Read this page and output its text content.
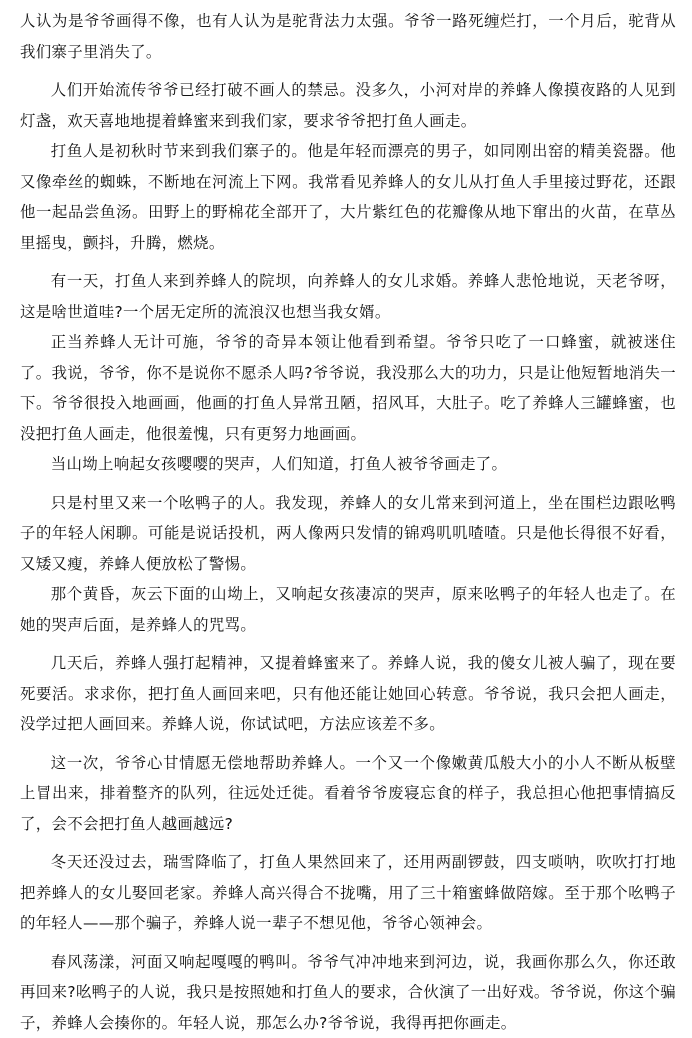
人认为是爷爷画得不像，也有人认为是驼背法力太强。爷爷一路死缠烂打，一个月后，驼背从我们寨子里消失了。

人们开始流传爷爷已经打破不画人的禁忌。没多久，小河对岸的养蜂人像摸夜路的人见到灯盏，欢天喜地地提着蜂蜜来到我们家，要求爷爷把打鱼人画走。

打鱼人是初秋时节来到我们寨子的。他是年轻而漂亮的男子，如同刚出窑的精美瓷器。他又像牵丝的蜘蛛，不断地在河流上下网。我常看见养蜂人的女儿从打鱼人手里接过野花，还跟他一起品尝鱼汤。田野上的野棉花全部开了，大片紫红色的花瓣像从地下窜出的火苗，在草丛里摇曳，颤抖，升腾，燃烧。

有一天，打鱼人来到养蜂人的院坝，向养蜂人的女儿求婚。养蜂人悲怆地说，天老爷呀，这是啥世道哇?一个居无定所的流浪汉也想当我女婿。

正当养蜂人无计可施，爷爷的奇异本领让他看到希望。爷爷只吃了一口蜂蜜，就被迷住了。我说，爷爷，你不是说你不愿杀人吗?爷爷说，我没那么大的功力，只是让他短暂地消失一下。爷爷很投入地画画，他画的打鱼人异常丑陋，招风耳，大肚子。吃了养蜂人三罐蜂蜜，也没把打鱼人画走，他很羞愧，只有更努力地画画。

当山坳上响起女孩嘤嘤的哭声，人们知道，打鱼人被爷爷画走了。

只是村里又来一个吆鸭子的人。我发现，养蜂人的女儿常来到河道上，坐在围栏边跟吆鸭子的年轻人闲聊。可能是说话投机，两人像两只发情的锦鸡叽叽喳喳。只是他长得很不好看，又矮又瘦，养蜂人便放松了警惕。

那个黄昏，灰云下面的山坳上，又响起女孩凄凉的哭声，原来吆鸭子的年轻人也走了。在她的哭声后面，是养蜂人的咒骂。

几天后，养蜂人强打起精神，又提着蜂蜜来了。养蜂人说，我的傻女儿被人骗了，现在要死要活。求求你，把打鱼人画回来吧，只有他还能让她回心转意。爷爷说，我只会把人画走，没学过把人画回来。养蜂人说，你试试吧，方法应该差不多。

这一次，爷爷心甘情愿无偿地帮助养蜂人。一个又一个像嫩黄瓜般大小的小人不断从板壁上冒出来，排着整齐的队列，往远处迁徙。看着爷爷废寝忘食的样子，我总担心他把事情搞反了，会不会把打鱼人越画越远?

冬天还没过去，瑞雪降临了，打鱼人果然回来了，还用两副锣鼓，四支唢呐，吹吹打打地把养蜂人的女儿娶回老家。养蜂人高兴得合不拢嘴，用了三十箱蜜蜂做陪嫁。至于那个吆鸭子的年轻人——那个骗子，养蜂人说一辈子不想见他，爷爷心领神会。

春风荡漾，河面又响起嘎嘎的鸭叫。爷爷气冲冲地来到河边，说，我画你那么久，你还敢再回来?吆鸭子的人说，我只是按照她和打鱼人的要求，合伙演了一出好戏。爷爷说，你这个骗子，养蜂人会揍你的。年轻人说，那怎么办?爷爷说，我得再把你画走。
